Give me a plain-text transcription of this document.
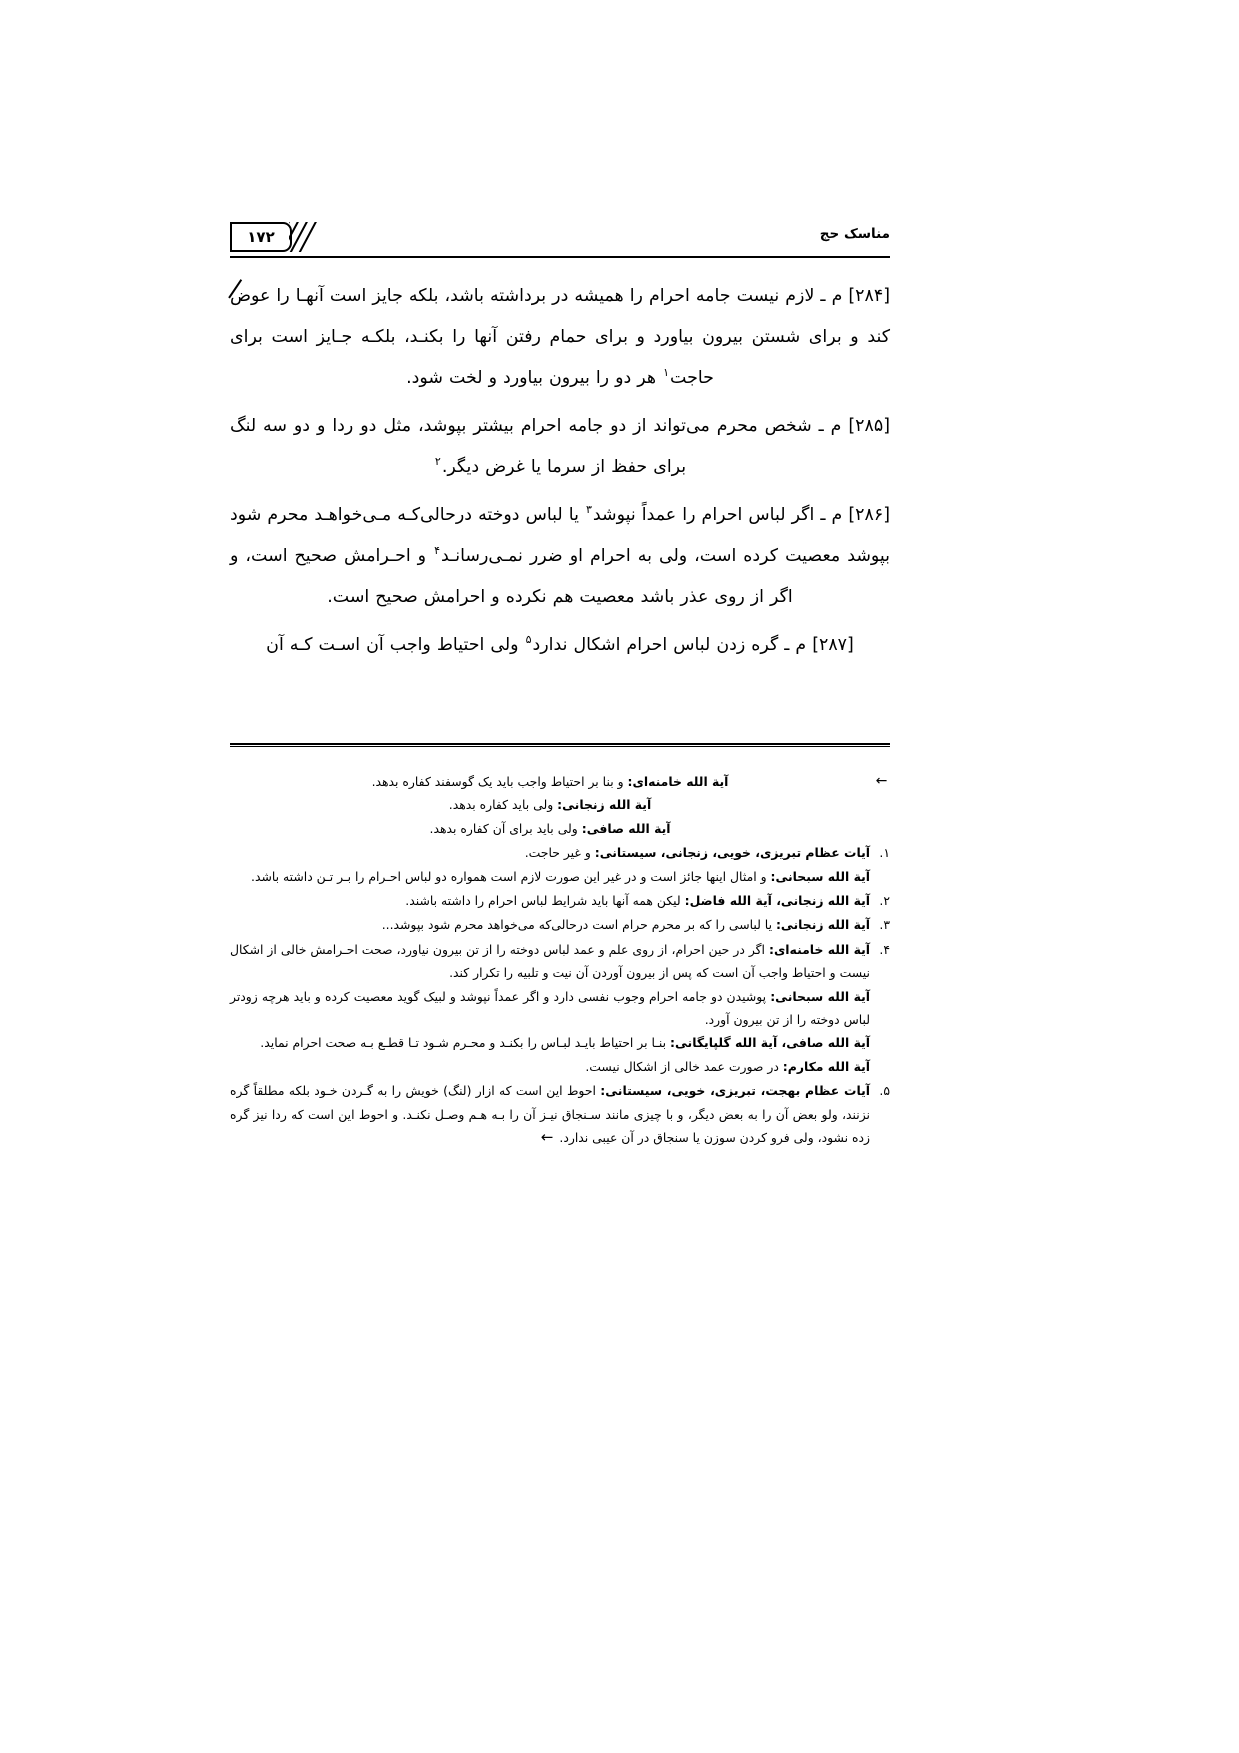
مناسک حج
۱۷۲

[۲۸۴] م ـ لازم نیست جامه احرام را همیشه در برداشته باشد، بلکه جایز است آنهـا را عوض کند و برای شستن بیرون بیاورد و برای حمام رفتن آنها را بکنـد، بلکـه جـایز است برای حاجت$^۱$ هر دو را بیرون بیاورد و لخت شود.

[۲۸۵] م ـ شخص محرم می‌تواند از دو جامه احرام بیشتر بپوشد، مثل دو ردا و دو سه لنگ برای حفظ از سرما یا غرض دیگر.$^۲$

[۲۸۶] م ـ اگر لباس احرام را عمداً نپوشد$^۳$ یا لباس دوخته درحالی‌کـه مـی‌خواهـد محرم شود بپوشد معصیت کرده است، ولی به احرام او ضرر نمـی‌رسانـد$^۴$ و احـرامش صحیح است، و اگر از روی عذر باشد معصیت هم نکرده و احرامش صحیح است.

[۲۸۷] م ـ گره زدن لباس احرام اشکال ندارد$^۵$ ولی احتیاط واجب آن اسـت کـه آن

←

آیة الله خامنه‌ای: و بنا بر احتیاط واجب باید یک گوسفند کفاره بدهد.

آیة الله زنجانی: ولی باید کفاره بدهد.

آیة الله صافی: ولی باید برای آن کفاره بدهد.

۱.

آیات عظام تبریزی، خویی، زنجانی، سیستانی: و غیر حاجت.

آیة الله سبحانی: و امثال اینها جائز است و در غیر این صورت لازم است همواره دو لباس احـرام را بـر تـن داشته باشد.

۲.

آیة الله زنجانی، آیة الله فاضل: لیکن همه آنها باید شرایط لباس احرام را داشته باشند.

۳.

آیة الله زنجانی: یا لباسی را که بر محرم حرام است درحالی‌که می‌خواهد محرم شود بپوشد...

۴.

آیة الله خامنه‌ای: اگر در حین احرام، از روی علم و عمد لباس دوخته را از تن بیرون نیاورد، صحت احـرامش خالی از اشکال نیست و احتیاط واجب آن است که پس از بیرون آوردن آن نیت و تلبیه را تکرار کند.

آیة الله سبحانی: پوشیدن دو جامه احرام وجوب نفسی دارد و اگر عمداً نپوشد و لبیک گوید معصیت کرده و باید هرچه زودتر لباس دوخته را از تن بیرون آورد.

آیة الله صافی، آیة الله گلپایگانی: بنـا بر احتیاط بایـد لبـاس را بکنـد و محـرم شـود تـا قطـع بـه صحت احرام نماید.

آیة الله مکارم: در صورت عمد خالی از اشکال نیست.

۵.

آیات عظام بهجت، تبریزی، خویی، سیستانی: احوط این است که ازار (لنگ) خویش را به گـردن خـود بلکه مطلقاً گره نزنند، ولو بعض آن را به بعض دیگر، و با چیزی مانند سـنجاق نیـز آن را بـه هـم وصـل نکنـد. و احوط این است که ردا نیز گره زده نشود، ولی فرو کردن سوزن یا سنجاق در آن عیبی ندارد.←
